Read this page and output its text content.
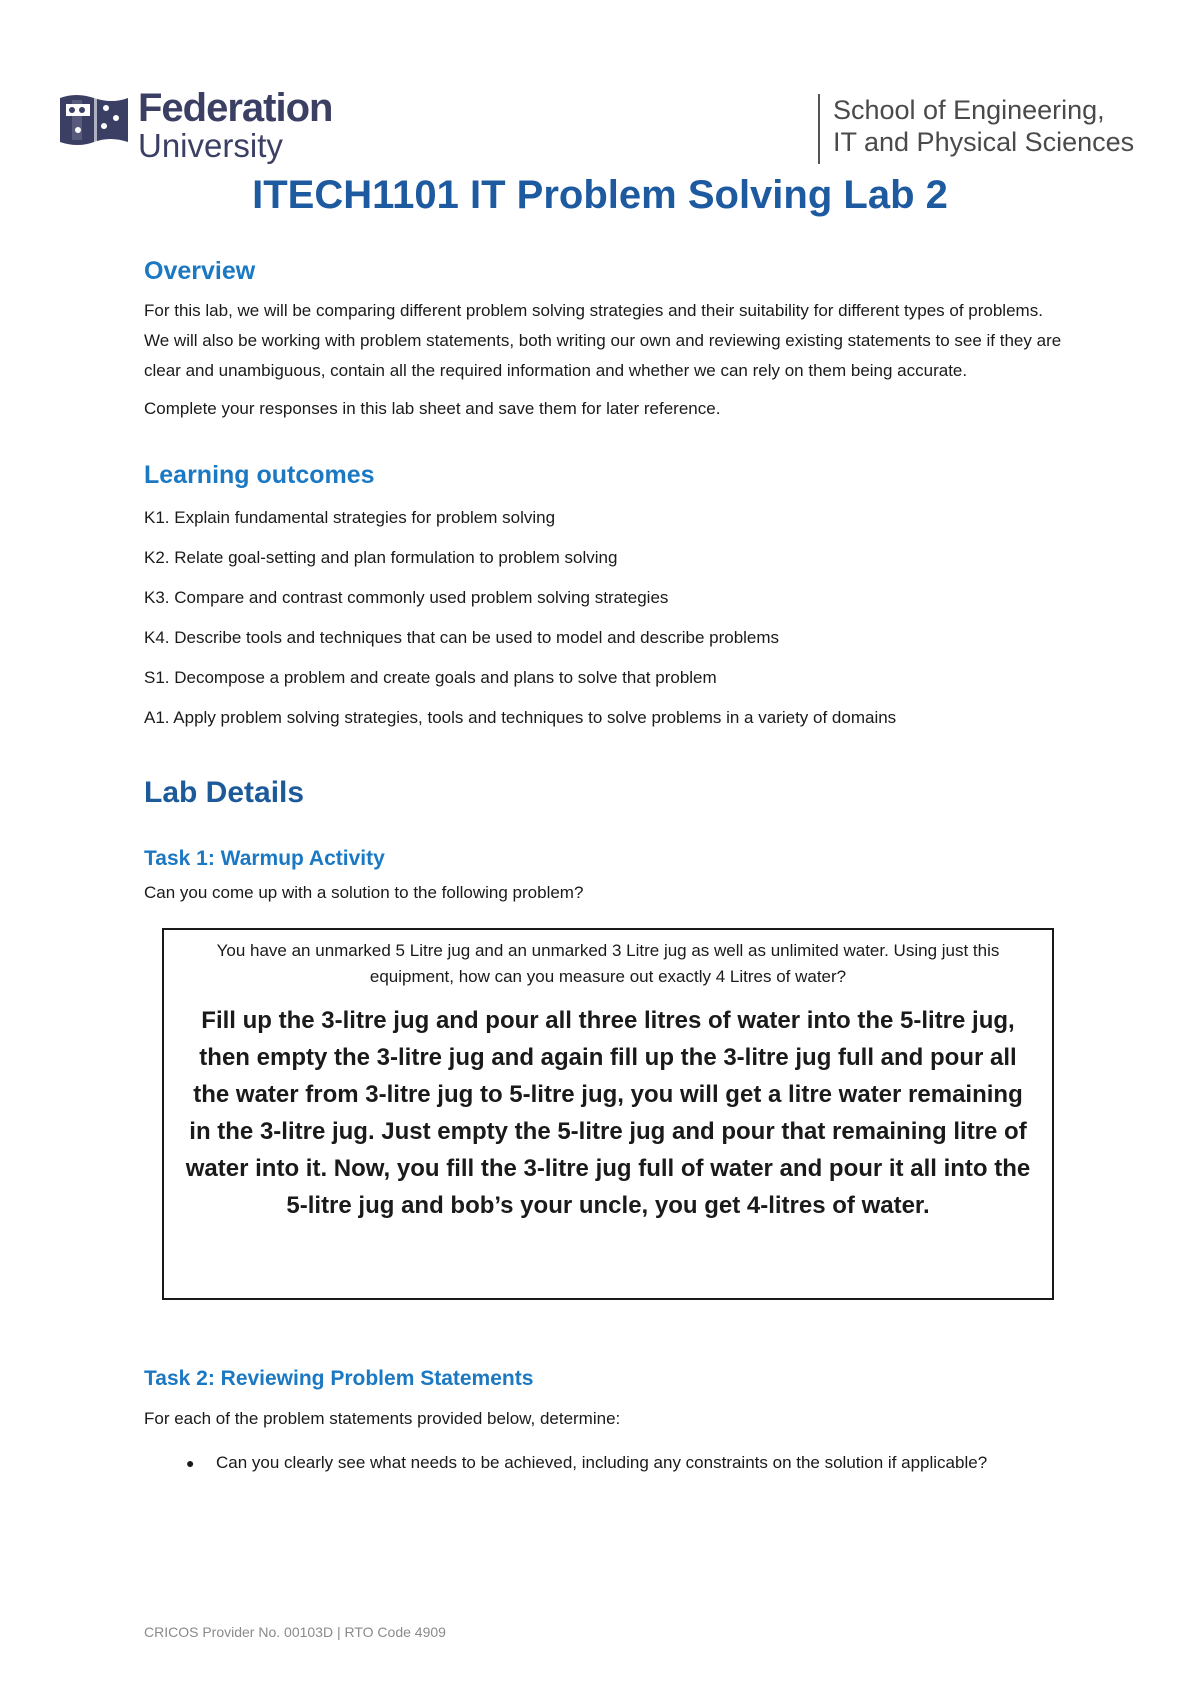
Federation
University
School of Engineering,
IT and Physical Sciences
ITECH1101 IT Problem Solving Lab 2
Overview

For this lab, we will be comparing different problem solving strategies and their suitability for different types of problems. We will also be working with problem statements, both writing our own and reviewing existing statements to see if they are clear and unambiguous, contain all the required information and whether we can rely on them being accurate.

Complete your responses in this lab sheet and save them for later reference.

Learning outcomes
K1. Explain fundamental strategies for problem solving
K2. Relate goal-setting and plan formulation to problem solving
K3. Compare and contrast commonly used problem solving strategies
K4. Describe tools and techniques that can be used to model and describe problems
S1. Decompose a problem and create goals and plans to solve that problem
A1. Apply problem solving strategies, tools and techniques to solve problems in a variety of domains
Lab Details
Task 1: Warmup Activity

Can you come up with a solution to the following problem?

You have an unmarked 5 Litre jug and an unmarked 3 Litre jug as well as unlimited water. Using just this equipment, how can you measure out exactly 4 Litres of water?
Fill up the 3-litre jug and pour all three litres of water into the 5-litre jug, then empty the 3-litre jug and again fill up the 3-litre jug full and pour all the water from 3-litre jug to 5-litre jug, you will get a litre water remaining in the 3-litre jug. Just empty the 5-litre jug and pour that remaining litre of water into it. Now, you fill the 3-litre jug full of water and pour it all into the 5-litre jug and bob’s your uncle, you get 4-litres of water.
Task 2: Reviewing Problem Statements

For each of the problem statements provided below, determine:

● Can you clearly see what needs to be achieved, including any constraints on the solution if applicable?
CRICOS Provider No. 00103D | RTO Code 4909
